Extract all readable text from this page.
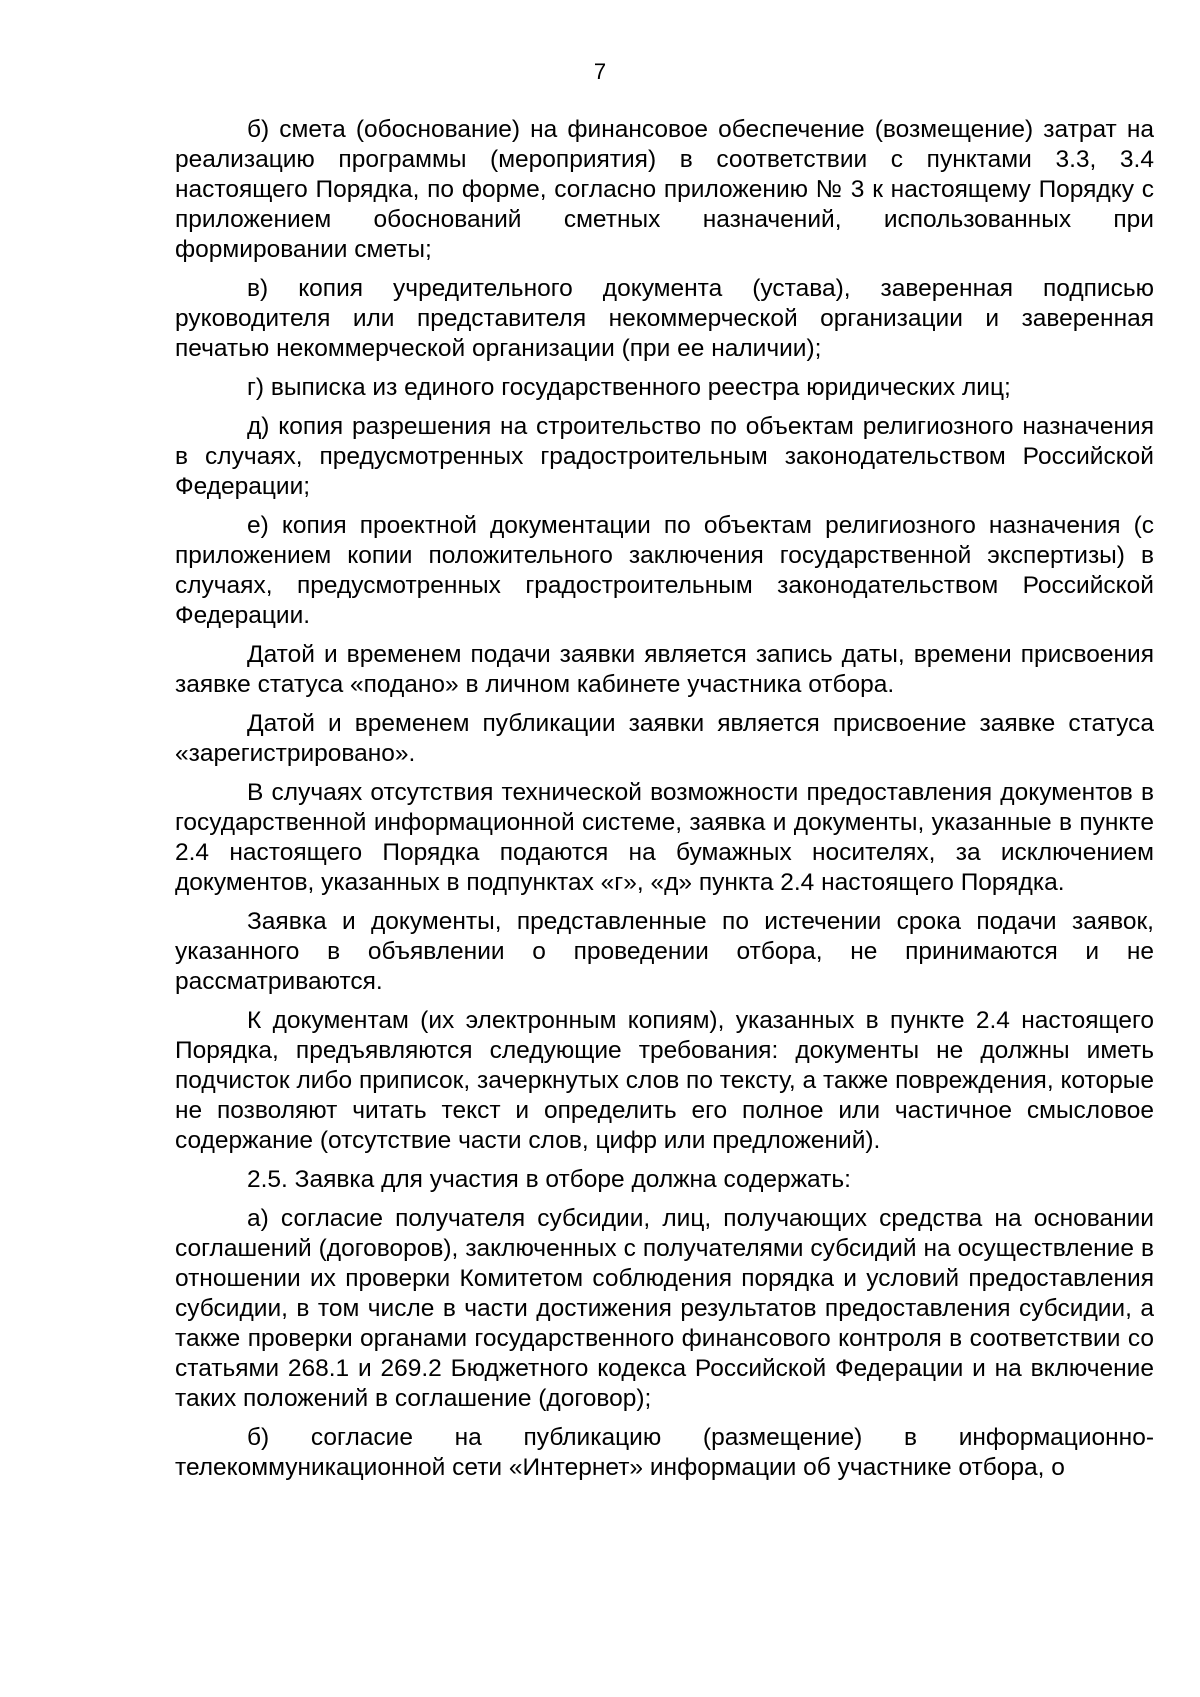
7

б) смета (обоснование) на финансовое обеспечение (возмещение) затрат на реализацию программы (мероприятия) в соответствии с пунктами 3.3, 3.4 настоящего Порядка, по форме, согласно приложению № 3 к настоящему Порядку с приложением обоснований сметных назначений, использованных при формировании сметы;

в) копия учредительного документа (устава), заверенная подписью руководителя или представителя некоммерческой организации и заверенная печатью некоммерческой организации (при ее наличии);

г) выписка из единого государственного реестра юридических лиц;

д) копия разрешения на строительство по объектам религиозного назначения в случаях, предусмотренных градостроительным законодательством Российской Федерации;

е) копия проектной документации по объектам религиозного назначения (с приложением копии положительного заключения государственной экспертизы) в случаях, предусмотренных градостроительным законодательством Российской Федерации.

Датой и временем подачи заявки является запись даты, времени присвоения заявке статуса «подано» в личном кабинете участника отбора.

Датой и временем публикации заявки является присвоение заявке статуса «зарегистрировано».

В случаях отсутствия технической возможности предоставления документов в государственной информационной системе, заявка и документы, указанные в пункте 2.4 настоящего Порядка подаются на бумажных носителях, за исключением документов, указанных в подпунктах «г», «д» пункта 2.4 настоящего Порядка.

Заявка и документы, представленные по истечении срока подачи заявок, указанного в объявлении о проведении отбора, не принимаются и не рассматриваются.

К документам (их электронным копиям), указанных в пункте 2.4 настоящего Порядка, предъявляются следующие требования: документы не должны иметь подчисток либо приписок, зачеркнутых слов по тексту, а также повреждения, которые не позволяют читать текст и определить его полное или частичное смысловое содержание (отсутствие части слов, цифр или предложений).

2.5. Заявка для участия в отборе должна содержать:

а) согласие получателя субсидии, лиц, получающих средства на основании соглашений (договоров), заключенных с получателями субсидий на осуществление в отношении их проверки Комитетом соблюдения порядка и условий предоставления субсидии, в том числе в части достижения результатов предоставления субсидии, а также проверки органами государственного финансового контроля в соответствии со статьями 268.1 и 269.2 Бюджетного кодекса Российской Федерации и на включение таких положений в соглашение (договор);

б) согласие на публикацию (размещение) в информационно-телекоммуникационной сети «Интернет» информации об участнике отбора, о
